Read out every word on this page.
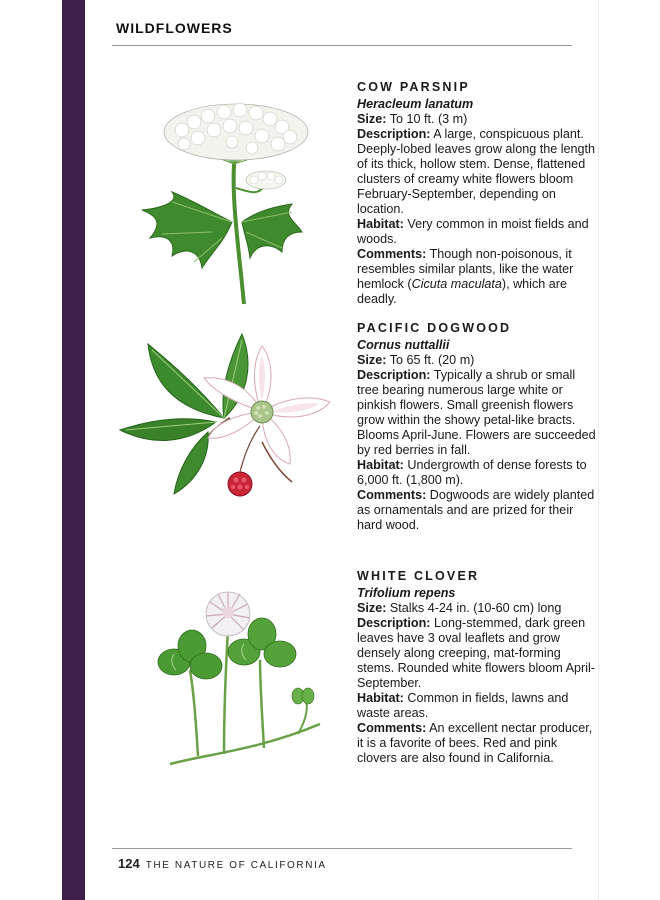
WILDFLOWERS
COW PARSNIP

Heracleum lanatum

Size: To 10 ft. (3 m)

Description: A large, conspicuous plant. Deeply-lobed leaves grow along the length of its thick, hollow stem. Dense, flattened clusters of creamy white flowers bloom February-September, depending on location.

Habitat: Very common in moist fields and woods.

Comments: Though non-poisonous, it resembles similar plants, like the water hemlock (Cicuta maculata), which are deadly.

PACIFIC DOGWOOD

Cornus nuttallii

Size: To 65 ft. (20 m)

Description: Typically a shrub or small tree bearing numerous large white or pinkish flowers. Small greenish flowers grow within the showy petal-like bracts.

Blooms April-June. Flowers are succeeded by red berries in fall.

Habitat: Undergrowth of dense forests to 6,000 ft. (1,800 m).

Comments: Dogwoods are widely planted as ornamentals and are prized for their hard wood.

WHITE CLOVER

Trifolium repens

Size: Stalks 4-24 in. (10-60 cm) long

Description: Long-stemmed, dark green leaves have 3 oval leaflets and grow densely along creeping, mat-forming stems. Rounded white flowers bloom April-September.

Habitat: Common in fields, lawns and waste areas.

Comments: An excellent nectar producer, it is a favorite of bees. Red and pink clovers are also found in California.

124 THE NATURE OF CALIFORNIA
